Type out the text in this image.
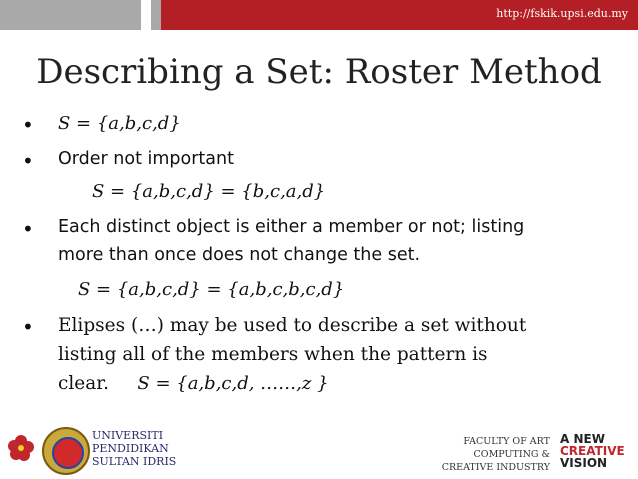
http://fskik.upsi.edu.my
Describing a Set: Roster Method
• S = {a,b,c,d}
• Order not important
S = {a,b,c,d} = {b,c,a,d}
• Each distinct object is either a member or not; listing
more than once does not change the set.
S = {a,b,c,d} = {a,b,c,b,c,d}
• Elipses (…) may be used to describe a set without
listing all of the members when the pattern is
clear. S = {a,b,c,d, ……,z }
UNIVERSITI
PENDIDIKAN
SULTAN IDRIS
FACULTY OF ART
COMPUTING &
CREATIVE INDUSTRY
A NEW
CREATIVE
VISION
